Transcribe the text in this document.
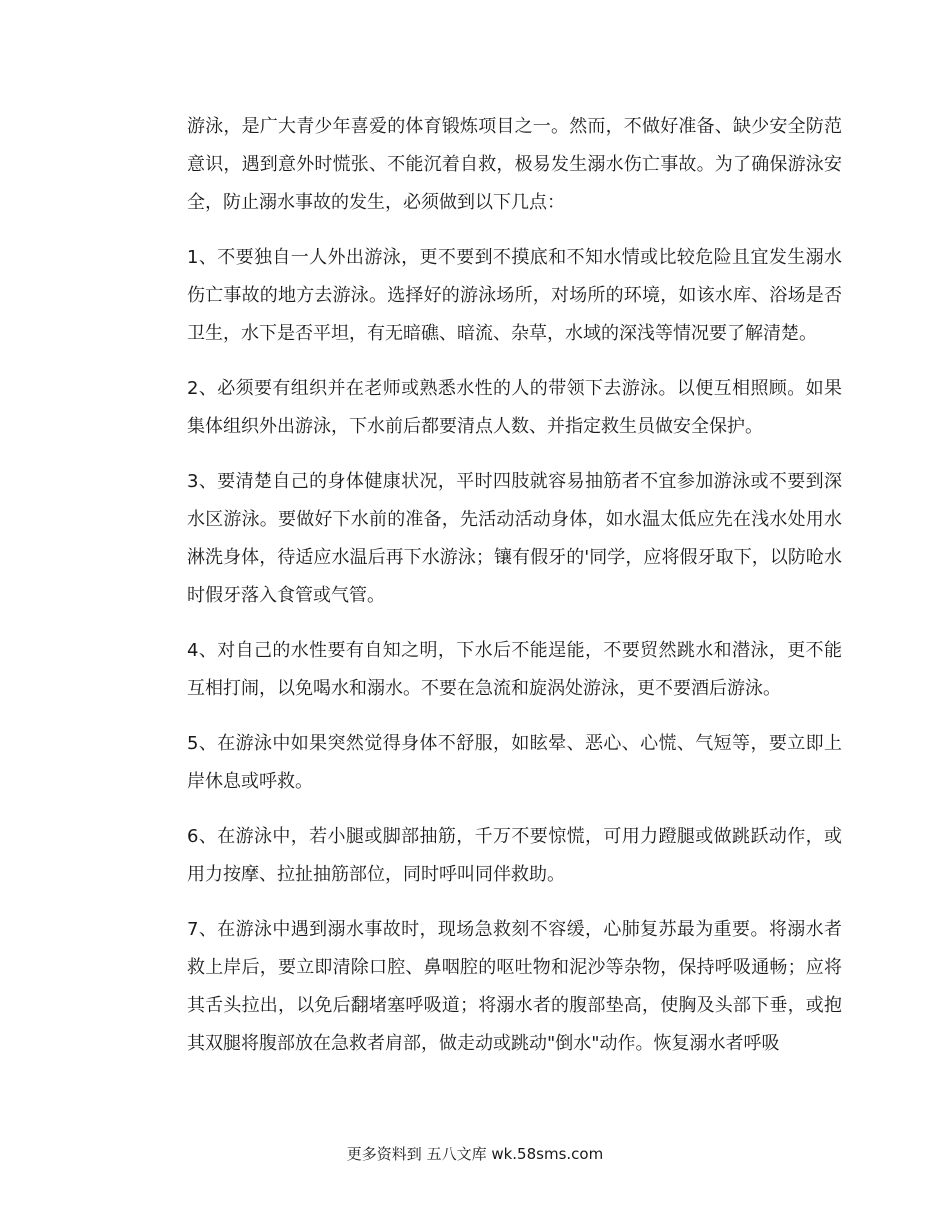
游泳，是广大青少年喜爱的体育锻炼项目之一。然而，不做好准备、缺少安全防范意识，遇到意外时慌张、不能沉着自救，极易发生溺水伤亡事故。为了确保游泳安全，防止溺水事故的发生，必须做到以下几点：

1、不要独自一人外出游泳，更不要到不摸底和不知水情或比较危险且宜发生溺水伤亡事故的地方去游泳。选择好的游泳场所，对场所的环境，如该水库、浴场是否卫生，水下是否平坦，有无暗礁、暗流、杂草，水域的深浅等情况要了解清楚。

2、必须要有组织并在老师或熟悉水性的人的带领下去游泳。以便互相照顾。如果集体组织外出游泳，下水前后都要清点人数、并指定救生员做安全保护。

3、要清楚自己的身体健康状况，平时四肢就容易抽筋者不宜参加游泳或不要到深水区游泳。要做好下水前的准备，先活动活动身体，如水温太低应先在浅水处用水淋洗身体，待适应水温后再下水游泳；镶有假牙的'同学，应将假牙取下，以防呛水时假牙落入食管或气管。

4、对自己的水性要有自知之明，下水后不能逞能，不要贸然跳水和潜泳，更不能互相打闹，以免喝水和溺水。不要在急流和旋涡处游泳，更不要酒后游泳。

5、在游泳中如果突然觉得身体不舒服，如眩晕、恶心、心慌、气短等，要立即上岸休息或呼救。

6、在游泳中，若小腿或脚部抽筋，千万不要惊慌，可用力蹬腿或做跳跃动作，或用力按摩、拉扯抽筋部位，同时呼叫同伴救助。

7、在游泳中遇到溺水事故时，现场急救刻不容缓，心肺复苏最为重要。将溺水者救上岸后，要立即清除口腔、鼻咽腔的呕吐物和泥沙等杂物，保持呼吸通畅；应将其舌头拉出，以免后翻堵塞呼吸道；将溺水者的腹部垫高，使胸及头部下垂，或抱其双腿将腹部放在急救者肩部，做走动或跳动"倒水"动作。恢复溺水者呼吸

更多资料到 五八文库 wk.58sms.com
